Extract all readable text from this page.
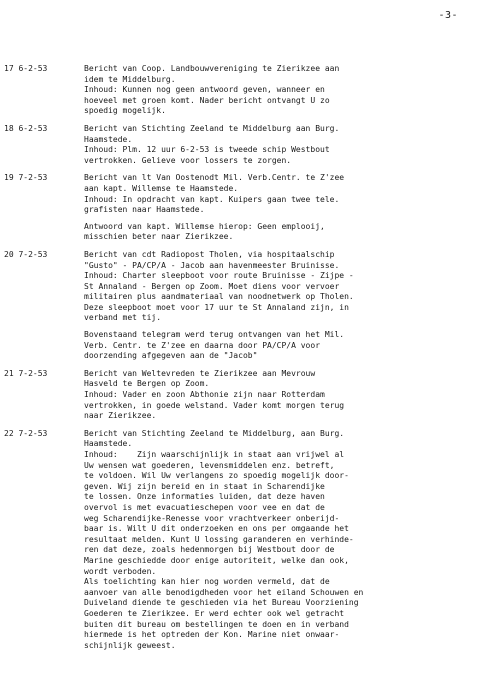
-3-
17 6-2-53	Bericht van Coop. Landbouwvereniging te Zierikzee aan
idem te Middelburg.
Inhoud: Kunnen nog geen antwoord geven, wanneer en
hoeveel met groen komt. Nader bericht ontvangt U zo
spoedig mogelijk.
18 6-2-53	Bericht van Stichting Zeeland te Middelburg aan Burg.
Haamstede.
Inhoud: Plm. 12 uur 6-2-53 is tweede schip Westbout
vertrokken. Gelieve voor lossers te zorgen.
19 7-2-53	Bericht van lt Van Oostenodt Mil. Verb.Centr. te Z'zee
aan kapt. Willemse te Haamstede.
Inhoud: In opdracht van kapt. Kuipers gaan twee tele.
grafisten naar Haamstede.
Antwoord van kapt. Willemse hierop: Geen emplooij,
misschien beter naar Zierikzee.
20 7-2-53	Bericht van cdt Radiopost Tholen, via hospitaalschip
"Gusto" - PA/CP/A - Jacob aan havenmeester Bruinisse.
Inhoud: Charter sleepboot voor route Bruinisse - Zijpe -
St Annaland - Bergen op Zoom. Moet diens voor vervoer
militairen plus aandmateriaal van noodnetwerk op Tholen.
Deze sleepboot moet voor 17 uur te St Annaland zijn, in
verband met tij.
Bovenstaand telegram werd terug ontvangen van het Mil.
Verb. Centr. te Z'zee en daarna door PA/CP/A voor
doorzending afgegeven aan de "Jacob"
21 7-2-53	Bericht van Weltevreden te Zierikzee aan Mevrouw
Hasveld te Bergen op Zoom.
Inhoud: Vader en zoon Abthonie zijn naar Rotterdam
vertrokken, in goede welstand. Vader komt morgen terug
naar Zierikzee.
22 7-2-53	Bericht van Stichting Zeeland te Middelburg, aan Burg.
Haamstede.
Inhoud:    Zijn waarschijnlijk in staat aan vrijwel al
Uw wensen wat goederen, levensmiddelen enz. betreft,
te voldoen. Wil Uw verlangens zo spoedig mogelijk door-
geven. Wij zijn bereid en in staat in Scharendijke
te lossen. Onze informaties luiden, dat deze haven
overvol is met evacuatieschepen voor vee en dat de
weg Scharendijke-Renesse voor vrachtverkeer onberijd-
baar is. Wilt U dit onderzoeken en ons per omgaande het
resultaat melden. Kunt U lossing garanderen en verhinde-
ren dat deze, zoals hedenmorgen bij Westbout door de
Marine geschiedde door enige autoriteit, welke dan ook,
wordt verboden.
Als toelichting kan hier nog worden vermeld, dat de
aanvoer van alle benodigdheden voor het eiland Schouwen en
Duiveland diende te geschieden via het Bureau Voorziening
Goederen te Zierikzee. Er werd echter ook wel getracht
buiten dit bureau om bestellingen te doen en in verband
hiermede is het optreden der Kon. Marine niet onwaar-
schijnlijk geweest.
